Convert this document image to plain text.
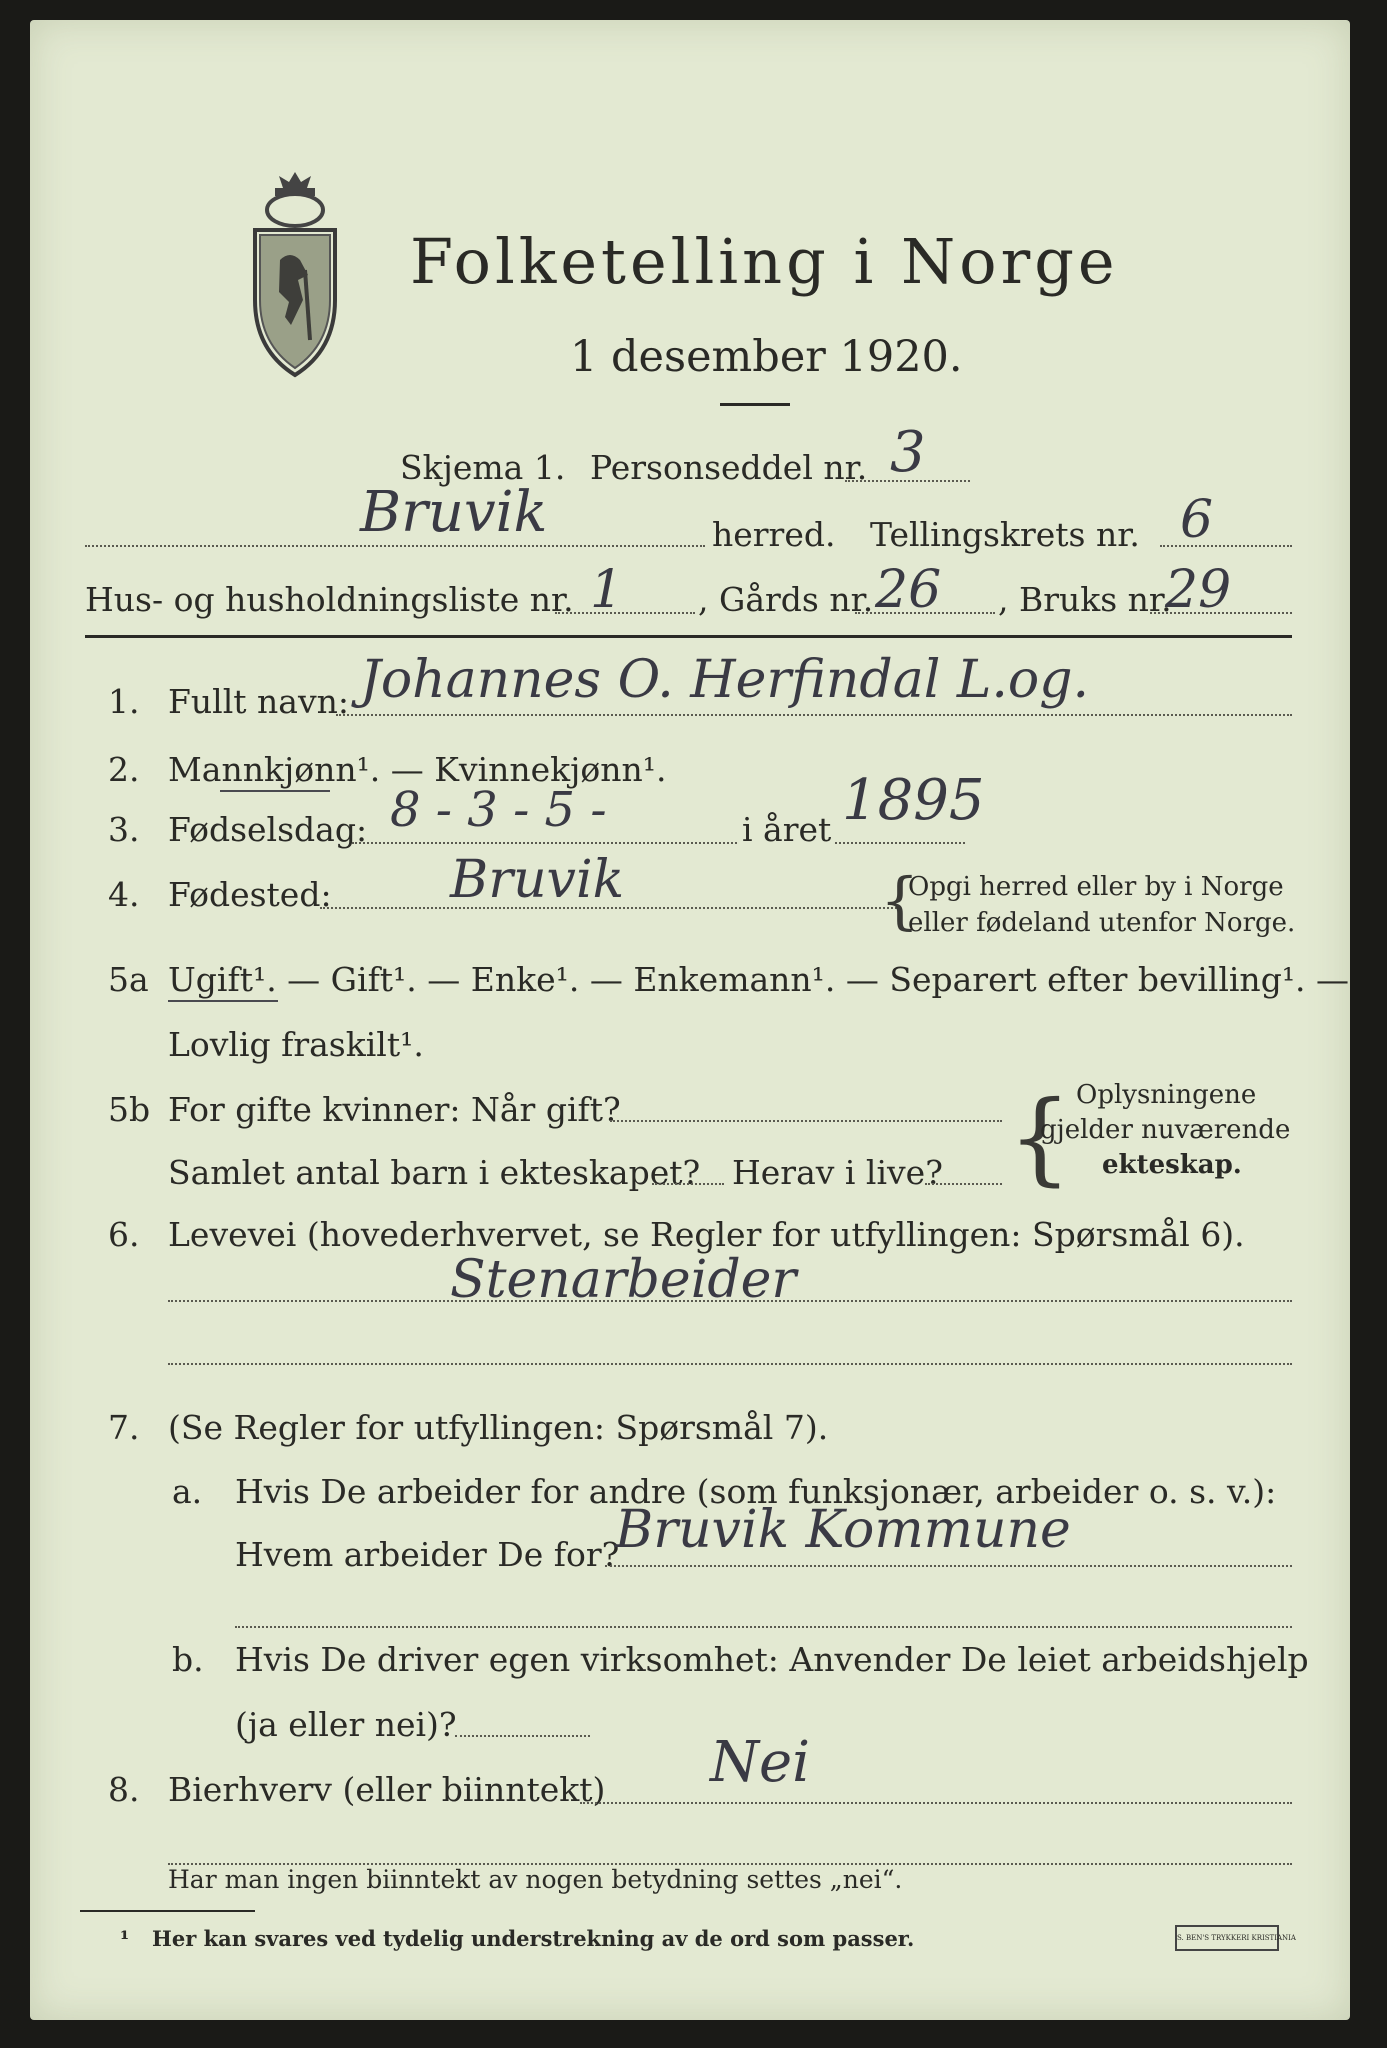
Folketelling i Norge
1 desember 1920.
Skjema 1. Personseddel nr. 3
Bruvik	herred. Tellingskrets nr. 6
Hus- og husholdningsliste nr. 1 , Gårds nr. 26 , Bruks nr.
29
1. Fullt navn: Johannes O. Herfindal L.og.
2. Mannkjønn¹. — Kvinnekjønn¹.
3. Fødselsdag: 8 - 3 - 5 -	i året 1895
4. Fødested: Bruvik	{
Opgi herred eller by i Norge
eller fødeland utenfor Norge.
5a Ugift¹. — Gift¹. — Enke¹. — Enkemann¹. — Separert efter bevilling¹. —
Lovlig fraskilt¹.
5b For gifte kvinner: Når gift?
Samlet antal barn i ekteskapet? Herav i live? { Oplysningene
gjelder nuværende
ekteskap.
6. Levevei (hovederhvervet, se Regler for utfyllingen: Spørsmål 6).
Stenarbeider
7. (Se Regler for utfyllingen: Spørsmål 7).
a. Hvis De arbeider for andre (som funksjonær, arbeider o. s. v.):
Hvem arbeider De for?
Bruvik Kommune
b. Hvis De driver egen virksomhet: Anvender De leiet arbeidshjelp
(ja eller nei)?
8. Bierhverv (eller biinntekt) Nei
Har man ingen biinntekt av nogen betydning settes „nei“.
¹ Her kan svares ved tydelig understrekning av de ord som passer.	S. BEN'S TRYKKERI KRISTIANIA
